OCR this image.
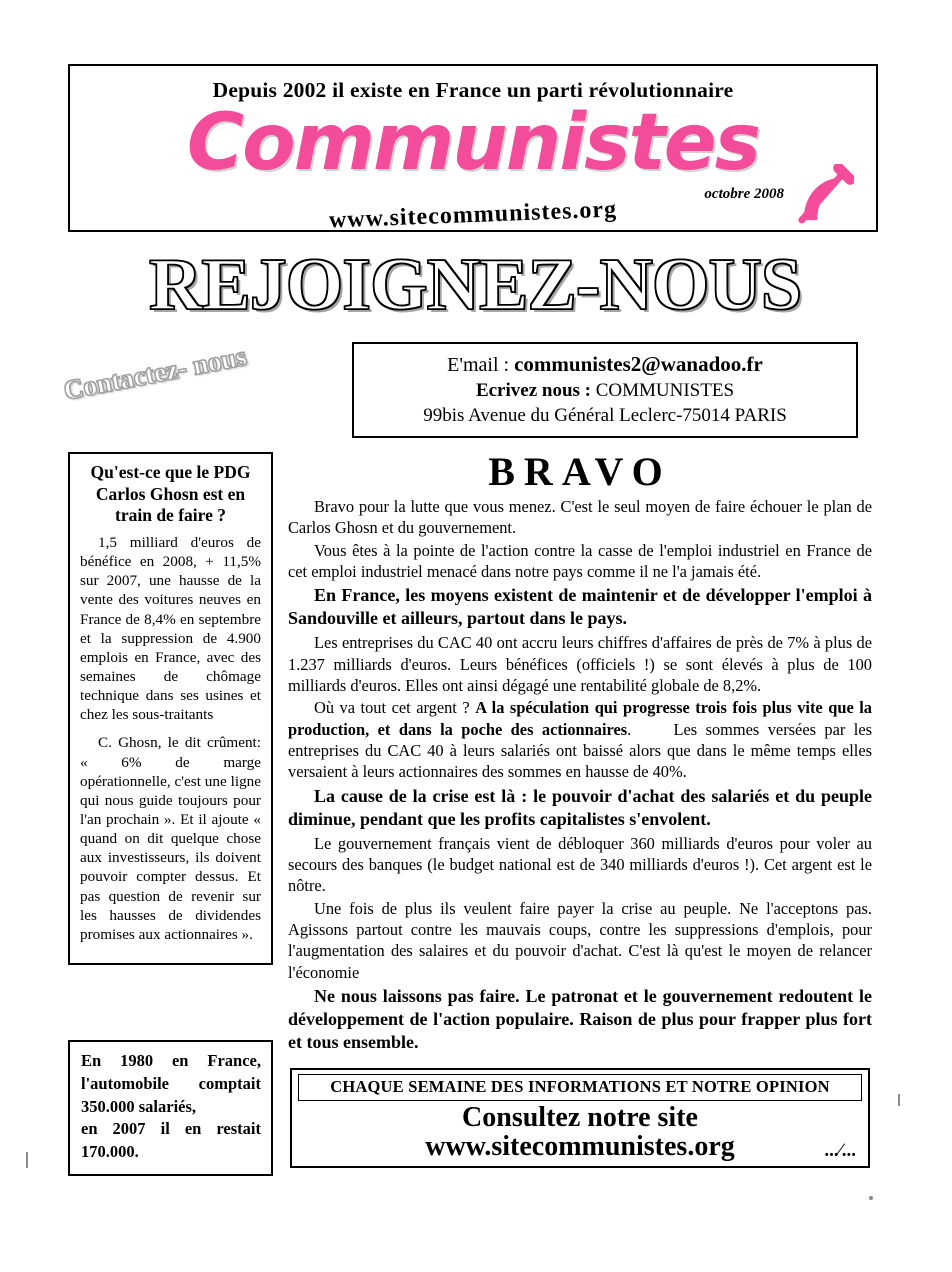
Depuis 2002 il existe en France un parti révolutionnaire
Communistes
octobre 2008
www.sitecommunistes.org
REJOIGNEZ-NOUS
Contactez- nous	E'mail : communistes2@wanadoo.fr
Ecrivez nous : COMMUNISTES
99bis Avenue du Général Leclerc-75014 PARIS
Qu'est-ce que le PDG Carlos Ghosn est en train de faire ?

1,5 milliard d'euros de bénéfice en 2008, + 11,5% sur 2007, une hausse de la vente des voitures neuves en France de 8,4% en septembre et la suppression de 4.900 emplois en France, avec des semaines de chômage technique dans ses usines et chez les sous-traitants

C. Ghosn, le dit crûment: « 6% de marge opérationnelle, c'est une ligne qui nous guide toujours pour l'an prochain ». Et il ajoute « quand on dit quelque chose aux investisseurs, ils doivent pouvoir compter dessus. Et pas question de revenir sur les hausses de dividendes promises aux actionnaires ».

En 1980 en France, l'automobile comptait 350.000 salariés,
en 2007 il en restait 170.000.
BRAVO

Bravo pour la lutte que vous menez. C'est le seul moyen de faire échouer le plan de Carlos Ghosn et du gouvernement.

Vous êtes à la pointe de l'action contre la casse de l'emploi industriel en France de cet emploi industriel menacé dans notre pays comme il ne l'a jamais été.

En France, les moyens existent de maintenir et de développer l'emploi à Sandouville et ailleurs, partout dans le pays.

Les entreprises du CAC 40 ont accru leurs chiffres d'affaires de près de 7% à plus de 1.237 milliards d'euros. Leurs bénéfices (officiels !) se sont élevés à plus de 100 milliards d'euros. Elles ont ainsi dégagé une rentabilité globale de 8,2%.

Où va tout cet argent ? A la spéculation qui progresse trois fois plus vite que la production, et dans la poche des actionnaires.     Les sommes versées par les entreprises du CAC 40 à leurs salariés ont baissé alors que dans le même temps elles versaient à leurs actionnaires des sommes en hausse de 40%.

La cause de la crise est là : le pouvoir d'achat des salariés et du peuple diminue, pendant que les profits capitalistes s'envolent.

Le gouvernement français vient de débloquer 360 milliards d'euros pour voler au secours des banques (le budget national est de 340 milliards d'euros !). Cet argent est le nôtre.

Une fois de plus ils veulent faire payer la crise au peuple. Ne l'acceptons pas. Agissons partout contre les mauvais coups, contre les suppressions d'emplois, pour l'augmentation des salaires et du pouvoir d'achat. C'est là qu'est le moyen de relancer l'économie

Ne nous laissons pas faire. Le patronat et le gouvernement redoutent le développement de l'action populaire. Raison de plus pour frapper plus fort et tous ensemble.

CHAQUE SEMAINE DES INFORMATIONS ET NOTRE OPINION
Consultez notre site
www.sitecommunistes.org	...∕...
